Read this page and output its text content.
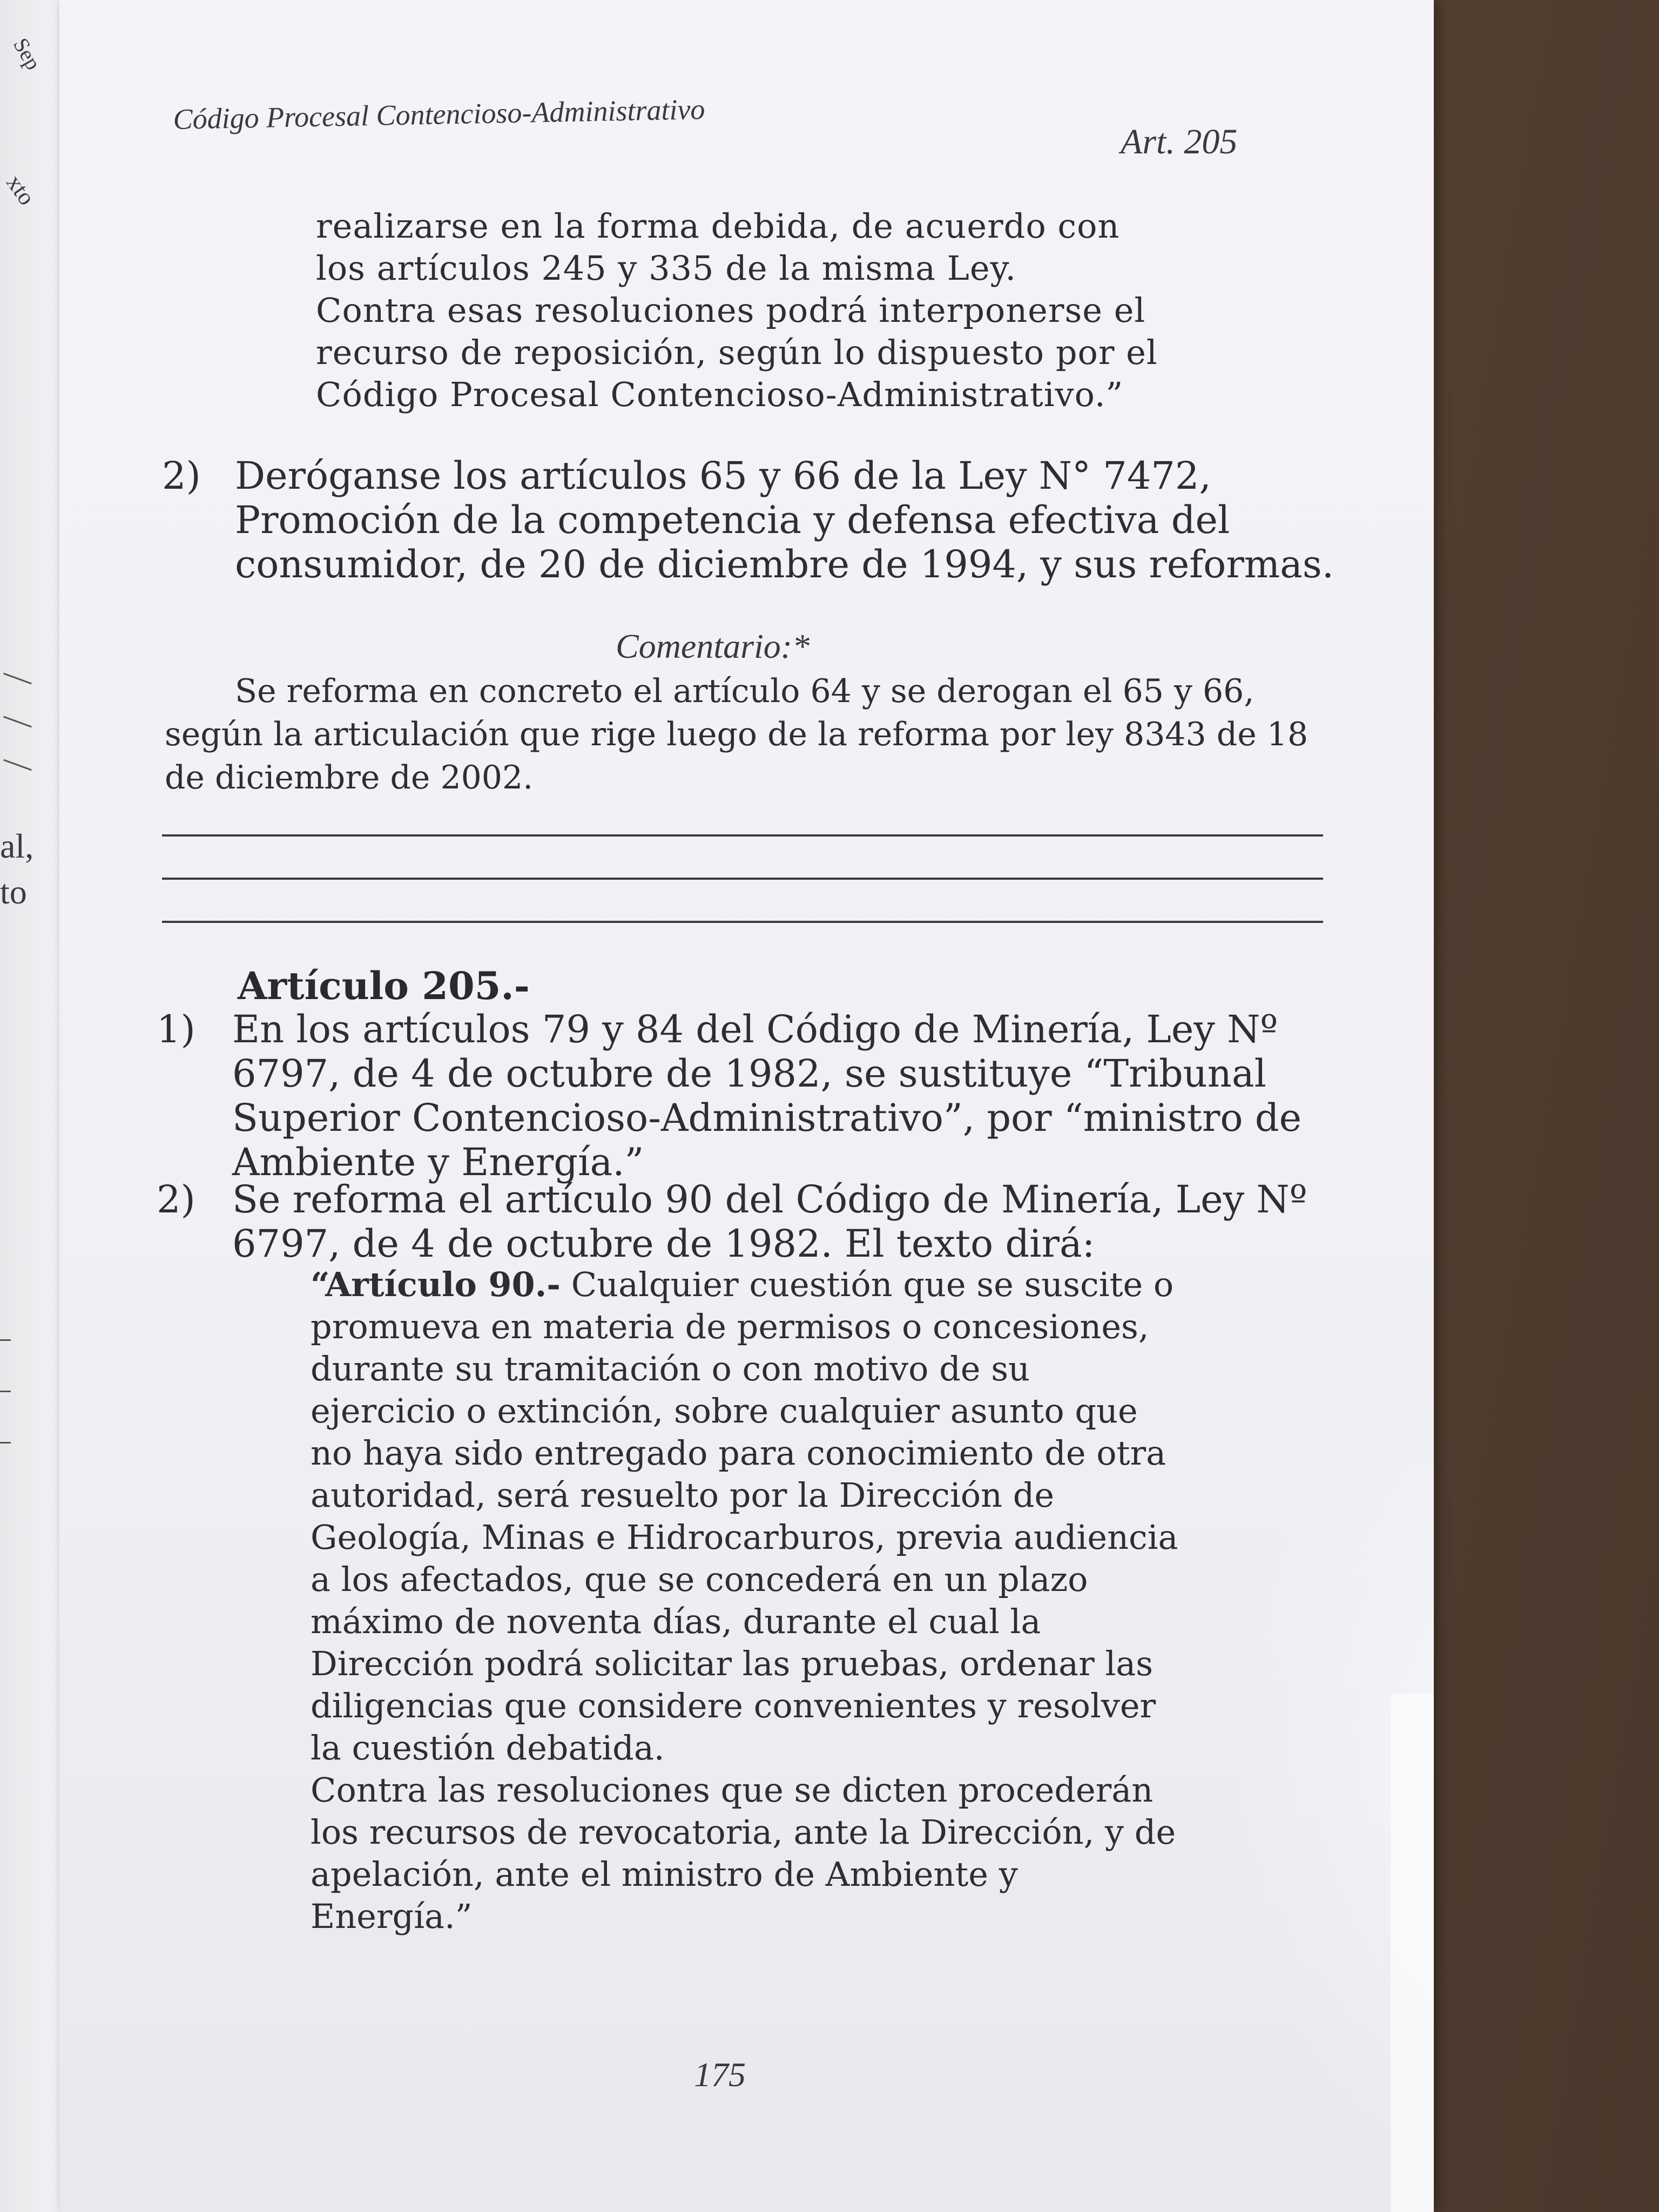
Sep
xto
al,
to
Código Procesal Contencioso-Administrativo
Art. 205

realizarse en la forma debida, de acuerdo con los artículos 245 y 335 de la misma Ley.

Contra esas resoluciones podrá interponerse el recurso de reposición, según lo dispuesto por el Código Procesal Contencioso-Administrativo.”

2) Deróganse los artículos 65 y 66 de la Ley N° 7472, Promoción de la competencia y defensa efectiva del consumidor, de 20 de diciembre de 1994, y sus reformas.
Comentario:*
Se reforma en concreto el artículo 64 y se derogan el 65 y 66, según la articulación que rige luego de la reforma por ley 8343 de 18 de diciembre de 2002.
Artículo 205.-
1) En los artículos 79 y 84 del Código de Minería, Ley Nº 6797, de 4 de octubre de 1982, se sustituye “Tribunal Superior Contencioso-Administrativo”, por “ministro de Ambiente y Energía.”
2) Se reforma el artículo 90 del Código de Minería, Ley Nº 6797, de 4 de octubre de 1982. El texto dirá:

“Artículo 90.- Cualquier cuestión que se suscite o promueva en materia de permisos o concesiones, durante su tramitación o con motivo de su ejercicio o extinción, sobre cualquier asunto que no haya sido entregado para conocimiento de otra autoridad, será resuelto por la Dirección de Geología, Minas e Hidrocarburos, previa audiencia a los afectados, que se concederá en un plazo máximo de noventa días, durante el cual la Dirección podrá solicitar las pruebas, ordenar las diligencias que considere convenientes y resolver la cuestión debatida.

Contra las resoluciones que se dicten procederán los recursos de revocatoria, ante la Dirección, y de apelación, ante el ministro de Ambiente y Energía.”

175
